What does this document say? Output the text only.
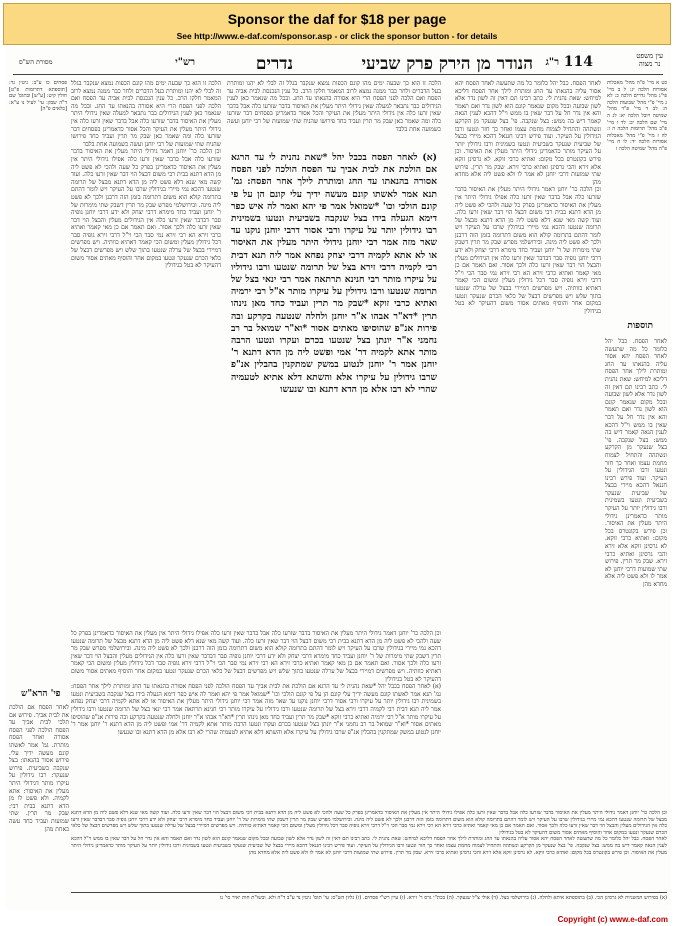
Sponsor the daf for $18 per page
See http://www.e-daf.com/sponsor.asp - or click the sponsor button - for details
עין משפט
נר מצוה
114
ר"ג
הנודר מן הירק פרק שביעי
נדרים
רש"י
מסורת הש"ס

כט א מיי' פ"ה מהל' מאכלות אסורות הלכה יג: ל ב מיי' פי"ג מהל' נדרים הלכה כ: לא ג מיי' פ"י מהל' שבועות הלכה ה: לב ד מיי' פ"ד מהל' שמיטה ויובל הלכה יא: לג ה מיי' שם הלכה יב: לד ו מיי' פ"ב מהל' תרומות הלכה ה ו: לה ז מיי' פ"י מהל' מאכלות אסורות הלכה יד: לו ח מיי' פ"ה מהל' שמיטה הלכה ז

תוספות

לאחר הפסח. כבל יהל כלומר כל מה שתעשה לאחר הפסח יהא אסור עליה בהנאתו עד החג ומותרת לילך אחר הפסח דליכא למיחש: שאת נהנית לי. כתב רבינו תם דאין זה לשון נדר אלא לשון שבועה ובכל מקום שנאמר קונם הוא לשון נדר ואם תאמר והא אין נדר חל על דבר שאין בו ממש וי"ל דהכא לענין הנאה קאמר דיש בה ממש: בצל שנקבה. פי' בצל שנעקר מן הקרקע ונשתהה והתחיל לצמוח מחמת עצמו ואחר כך חזר ונטעו ורבו הגידולין על העיקר. ועוד פירש רבינו חננאל דהכא מיירי בבצל של שביעית שנעקר בשביעית ונטעו בשמינית ורבו גידולין יותר על העיקר מותר כדאמרינן גידולי היתר מעלין את האיסור. וכן פירש בקונטרס בכל מקום: ואתיא כרבי זוקא. לא גרסינן זוקא אלא זירא והכי גרסינן ואתיא כרבי זירא. שבק מר תרין. פירוש שתי שמועות דרבי יוחנן לא אמר לו ולא פשט ליה אלא מחדא מהן

לאחר הפסח. כבל יהל כלומר כל מה שתעשה לאחר הפסח יהא אסור עליה בהנאתו עד החג ומותרת לילך אחר הפסח דליכא למיחש: שאת נהנית לי. כתב רבינו תם דאין זה לשון נדר אלא לשון שבועה ובכל מקום שנאמר קונם הוא לשון נדר ואם תאמר והא אין נדר חל על דבר שאין בו ממש וי"ל דהכא לענין הנאה קאמר דיש בה ממש: בצל שנקבה. פי' בצל שנעקר מן הקרקע ונשתהה והתחיל לצמוח מחמת עצמו ואחר כך חזר ונטעו ורבו הגידולין על העיקר. ועוד פירש רבינו חננאל דהכא מיירי בבצל של שביעית שנעקר בשביעית ונטעו בשמינית ורבו גידולין יותר על העיקר מותר כדאמרינן גידולי היתר מעלין את האיסור. וכן פירש בקונטרס בכל מקום: ואתיא כרבי זוקא. לא גרסינן זוקא אלא זירא והכי גרסינן ואתיא כרבי זירא. שבק מר תרין. פירוש שתי שמועות דרבי יוחנן לא אמר לו ולא פשט ליה אלא מחדא מהן

וכן הלכה כר' יוחנן דאמר גידולי היתר מעלין את האיסור בדבר שזרעו כלה אבל בדבר שאין זרעו כלה אפילו גידולי היתר אין מעלין את האיסור כדאמרינן בפרק כל שעה ולהכי לא פשט ליה מן הדא דתנא בבית רבי משום דבצל הוי דבר שאין זרעו כלה. ועוד קשה מאי שנא דלא פשט ליה מן הדא דתנא מבצל של תרומה שנטעו דהכא נמי מיירי בגידולין שרבו על העיקר ויש לומר דהתם בתרומה קולא הוא משום דתרומה בזמן הזה דרבנן ולכך לא פשט ליה מינה. ובירושלמי מפרש שבק מר תרין דשבק שתי מימרות של ר' יוחנן ועביד כחד מימרא דרבי יצחק ולא ידע דרבי יוחנן גופיה סבר דבדבר שאין זרעו כלה אין הגידולים מעלין והבצל הוי דבר שאין זרעו כלה ולכך אסור. ואם תאמר אם כן מאי קאמר ואתיא כרבי זירא הא רבי זירא נמי סבר הכי וי"ל דרבי זירא גופיה סבר דכל גידולין מעלין ומשום הכי קאמר דאתיא כוותיה. ויש מפרשים דמיירי בבצל של ערלה שנטעו בתוך שלש ויש מפרשים דבצל של כלאי הכרם שנעקר ונטעו במקום אחר והוסיף מאתים אסור משום דהעיקר לא בטל בגידולין

(א) לאחר הפסח בכבל יהל *שאת נהנית לי עד הרגא אם הולכת את לבית אביך עד הפסח הולכה לפני הפסח אסורה בהנאתו עד החג ומותרת לילך אחר הפסח: גמ' תנא אמר לאשתו קונם מעשה ידיך עלי קונם הן על פי קונם הולכי וכו' *שמואל אמר פי יהא ואמר לה איש כפר דימא הגעלה בידו בצל שנקבה בשביעית ונטעו בשמינית רבו גידולין יותר על עיקרו ורבי אסור דרבי יוחנן נוקנו עד שאר מזה אמר רבי יוחנן גידולי היתר מעלין את האיסור או לא אתא לקמיה דרבי יצחק נפחא אמר ליה תנא דבית רבי לקמיה דרבי זירא בצל של תרומה שנטעו ורבו גידוליו על עיקרו מותר רבי חנינא תרתאה אמר רבי ינאי בצל של תרומה שנטעו ורבו גידולין על עיקרו מותר א"ל רבי ירמיה ואתיא כרבי זוקא *שבק מר תרין ועביד כחד מאן נינהו תרין *דא"ר אבהו א"ר יוחנן ולחלה שנטעה בקרקע ובה פירות אנ"פ שהוסיפו מאתים אסור *וא"ר שמואל בר רב נחמני א"ר יונתן בצל שנטעו בכרם ועקרו ונטעו הרבה מותר אתא לקמיה דר' אמי ופשט ליה מן הדא דתנא ר' יוחנן אמר ר' יוחנן לנטוע במשק שמתקנין בהבלין אנ"פ שרבו גידולין על עיקרו אלא והשתא דלא אתיא לטעמיה שהרי לא רבו אלא מן הדא דתנא ובו שנעשו

הלכה זו הוא כך שבעה ימים מהו קונם הכפות נמצא שנקבר בגלל זה לבלי לא יהנו ומותרת בעל הדברים ולחר כבר ממנה נמצא לרוב המאמר חלקו הרב. כל ענין הנכנסת לבית אביה עד הפסח ואם הלכה לפני הפסח הרי היא אסורה בהנאתו עד החג. ובכל מה שנאמר כאן לענין הגידולים כבר נתבאר למעלה שאין גידולי היתר מעלין את האיסור בדבר שזרעו כלה אבל בדבר שאין זרעו כלה אין גידולי היתר מעלין את העיקר והכל אסור כדאמרינן בפסחים דבר שזרעו כלה ומה שאמר כאן שבק מר תרין ועביד כחד פירושו שהניח שתי שמועות של רבי יוחנן ועשה כשמועה אחת בלבד

הלכה זו הוא כך שבעה ימים מהו קונם הכפות נמצא שנקבר בגלל זה לבלי לא יהנו ומותרת בעל הדברים ולחר כבר ממנה נמצא לרוב המאמר חלקו הרב. כל ענין הנכנסת לבית אביה עד הפסח ואם הלכה לפני הפסח הרי היא אסורה בהנאתו עד החג. ובכל מה שנאמר כאן לענין הגידולים כבר נתבאר למעלה שאין גידולי היתר מעלין את האיסור בדבר שזרעו כלה אבל בדבר שאין זרעו כלה אין גידולי היתר מעלין את העיקר והכל אסור כדאמרינן בפסחים דבר שזרעו כלה ומה שאמר כאן שבק מר תרין ועביד כחד פירושו שהניח שתי שמועות של רבי יוחנן ועשה כשמועה אחת בלבד

וכן הלכה כר' יוחנן דאמר גידולי היתר מעלין את האיסור בדבר שזרעו כלה אבל בדבר שאין זרעו כלה אפילו גידולי היתר אין מעלין את האיסור כדאמרינן בפרק כל שעה ולהכי לא פשט ליה מן הדא דתנא בבית רבי משום דבצל הוי דבר שאין זרעו כלה. ועוד קשה מאי שנא דלא פשט ליה מן הדא דתנא מבצל של תרומה שנטעו דהכא נמי מיירי בגידולין שרבו על העיקר ויש לומר דהתם בתרומה קולא הוא משום דתרומה בזמן הזה דרבנן ולכך לא פשט ליה מינה. ובירושלמי מפרש שבק מר תרין דשבק שתי מימרות של ר' יוחנן ועביד כחד מימרא דרבי יצחק ולא ידע דרבי יוחנן גופיה סבר דבדבר שאין זרעו כלה אין הגידולים מעלין והבצל הוי דבר שאין זרעו כלה ולכך אסור. ואם תאמר אם כן מאי קאמר ואתיא כרבי זירא הא רבי זירא נמי סבר הכי וי"ל דרבי זירא גופיה סבר דכל גידולין מעלין ומשום הכי קאמר דאתיא כוותיה. ויש מפרשים דמיירי בבצל של ערלה שנטעו בתוך שלש ויש מפרשים דבצל של כלאי הכרם שנעקר ונטעו במקום אחר והוסיף מאתים אסור משום דהעיקר לא בטל בגידולין

פסחים כו ע"ב: גיטין נד: [תוספתא דתרומות פ"ט] חולין קיט: [ע"ש] ובתוס' שם ד"ה שבק: עי' לעיל נו ע"א: [כלאים פ"ה]

פי' הרא"ש

לאחר הפסח אם הולכת את לבית אביך. פירוש אם תלכי לבית אביך עד הפסח הולכה לפני הפסח אסורה ואחר הפסח מותרת. גמ' אמר לאשתו קונם מעשה ידיך עלי. פירוש אסור בהנאתו: בצל שנקבה בשביעית. פירוש שנעקר: רבו גידולין על עיקרו מותר דגידולי היתר מעלין את האיסור: אתא לקמיה. ולא פשט לו מן הדא דתנא בבית רבי: שבק מר תרין. שתי שמועות ועביד כחד עשה כאחת מהן

וכן הלכה כר' יוחנן דאמר גידולי היתר מעלין את האיסור בדבר שזרעו כלה אבל בדבר שאין זרעו כלה אפילו גידולי היתר אין מעלין את האיסור כדאמרינן בפרק כל שעה ולהכי לא פשט ליה מן הדא דתנא בבית רבי משום דבצל הוי דבר שאין זרעו כלה. ועוד קשה מאי שנא דלא פשט ליה מן הדא דתנא מבצל של תרומה שנטעו דהכא נמי מיירי בגידולין שרבו על העיקר ויש לומר דהתם בתרומה קולא הוא משום דתרומה בזמן הזה דרבנן ולכך לא פשט ליה מינה. ובירושלמי מפרש שבק מר תרין דשבק שתי מימרות של ר' יוחנן ועביד כחד מימרא דרבי יצחק ולא ידע דרבי יוחנן גופיה סבר דבדבר שאין זרעו כלה אין הגידולים מעלין והבצל הוי דבר שאין זרעו כלה ולכך אסור. ואם תאמר אם כן מאי קאמר ואתיא כרבי זירא הא רבי זירא נמי סבר הכי וי"ל דרבי זירא גופיה סבר דכל גידולין מעלין ומשום הכי קאמר דאתיא כוותיה. ויש מפרשים דמיירי בבצל של ערלה שנטעו בתוך שלש ויש מפרשים דבצל של כלאי הכרם שנעקר ונטעו במקום אחר והוסיף מאתים אסור משום דהעיקר לא בטל בגידולין

(א) לאחר הפסח בכבל יהל *שאת נהנית לי עד הרגא אם הולכת את לבית אביך עד הפסח הולכה לפני הפסח אסורה בהנאתו עד החג ומותרת לילך אחר הפסח: גמ' תנא אמר לאשתו קונם מעשה ידיך עלי קונם הן על פי קונם הולכי וכו' *שמואל אמר פי יהא ואמר לה איש כפר דימא הגעלה בידו בצל שנקבה בשביעית ונטעו בשמינית רבו גידולין יותר על עיקרו ורבי אסור דרבי יוחנן נוקנו עד שאר מזה אמר רבי יוחנן גידולי היתר מעלין את האיסור או לא אתא לקמיה דרבי יצחק נפחא אמר ליה תנא דבית רבי לקמיה דרבי זירא בצל של תרומה שנטעו ורבו גידוליו על עיקרו מותר רבי חנינא תרתאה אמר רבי ינאי בצל של תרומה שנטעו ורבו גידולין על עיקרו מותר א"ל רבי ירמיה ואתיא כרבי זוקא *שבק מר תרין ועביד כחד מאן נינהו תרין *דא"ר אבהו א"ר יוחנן ולחלה שנטעה בקרקע ובה פירות אנ"פ שהוסיפו מאתים אסור *וא"ר שמואל בר רב נחמני א"ר יונתן בצל שנטעו בכרם ועקרו ונטעו הרבה מותר אתא לקמיה דר' אמי ופשט ליה מן הדא דתנא ר' יוחנן אמר ר' יוחנן לנטוע במשק שמתקנין בהבלין אנ"פ שרבו גידולין על עיקרו אלא והשתא דלא אתיא לטעמיה שהרי לא רבו אלא מן הדא דתנא ובו שנעשו

וכן הלכה כר' יוחנן דאמר גידולי היתר מעלין את האיסור בדבר שזרעו כלה אבל בדבר שאין זרעו כלה אפילו גידולי היתר אין מעלין את האיסור כדאמרינן בפרק כל שעה ולהכי לא פשט ליה מן הדא דתנא בבית רבי משום דבצל הוי דבר שאין זרעו כלה. ועוד קשה מאי שנא דלא פשט ליה מן הדא דתנא מבצל של תרומה שנטעו דהכא נמי מיירי בגידולין שרבו על העיקר ויש לומר דהתם בתרומה קולא הוא משום דתרומה בזמן הזה דרבנן ולכך לא פשט ליה מינה. ובירושלמי מפרש שבק מר תרין דשבק שתי מימרות של ר' יוחנן ועביד כחד מימרא דרבי יצחק ולא ידע דרבי יוחנן גופיה סבר דבדבר שאין זרעו כלה אין הגידולים מעלין והבצל הוי דבר שאין זרעו כלה ולכך אסור. ואם תאמר אם כן מאי קאמר ואתיא כרבי זירא הא רבי זירא נמי סבר הכי וי"ל דרבי זירא גופיה סבר דכל גידולין מעלין ומשום הכי קאמר דאתיא כוותיה. ויש מפרשים דמיירי בבצל של ערלה שנטעו בתוך שלש ויש מפרשים דבצל של כלאי הכרם שנעקר ונטעו במקום אחר והוסיף מאתים אסור משום דהעיקר לא בטל בגידולין

לאחר הפסח. כבל יהל כלומר כל מה שתעשה לאחר הפסח יהא אסור עליה בהנאתו עד החג ומותרת לילך אחר הפסח דליכא למיחש: שאת נהנית לי. כתב רבינו תם דאין זה לשון נדר אלא לשון שבועה ובכל מקום שנאמר קונם הוא לשון נדר ואם תאמר והא אין נדר חל על דבר שאין בו ממש וי"ל דהכא לענין הנאה קאמר דיש בה ממש: בצל שנקבה. פי' בצל שנעקר מן הקרקע ונשתהה והתחיל לצמוח מחמת עצמו ואחר כך חזר ונטעו ורבו הגידולין על העיקר. ועוד פירש רבינו חננאל דהכא מיירי בבצל של שביעית שנעקר בשביעית ונטעו בשמינית ורבו גידולין יותר על העיקר מותר כדאמרינן גידולי היתר מעלין את האיסור. וכן פירש בקונטרס בכל מקום: ואתיא כרבי זוקא. לא גרסינן זוקא אלא זירא והכי גרסינן ואתיא כרבי זירא. שבק מר תרין. פירוש שתי שמועות דרבי יוחנן לא אמר לו ולא פשט ליה אלא מחדא מהן

(א) בפירוש המשניות לא גרסינן הכי. (ב) בתוספתא איתא ולחלה. (ג) בירושלמי בצל. (ד) אולי צ"ל שנעקר. (ה) בכת"י גרס ר' זירא. (ו) עיין רש"י פסחים. (ז) גליון הש"ס: עי' תוס' גיטין נד ע"ב ד"ה ולא. ובשו"ת חות יאיר סי' נז

Copyright (c) www.e-daf.com
